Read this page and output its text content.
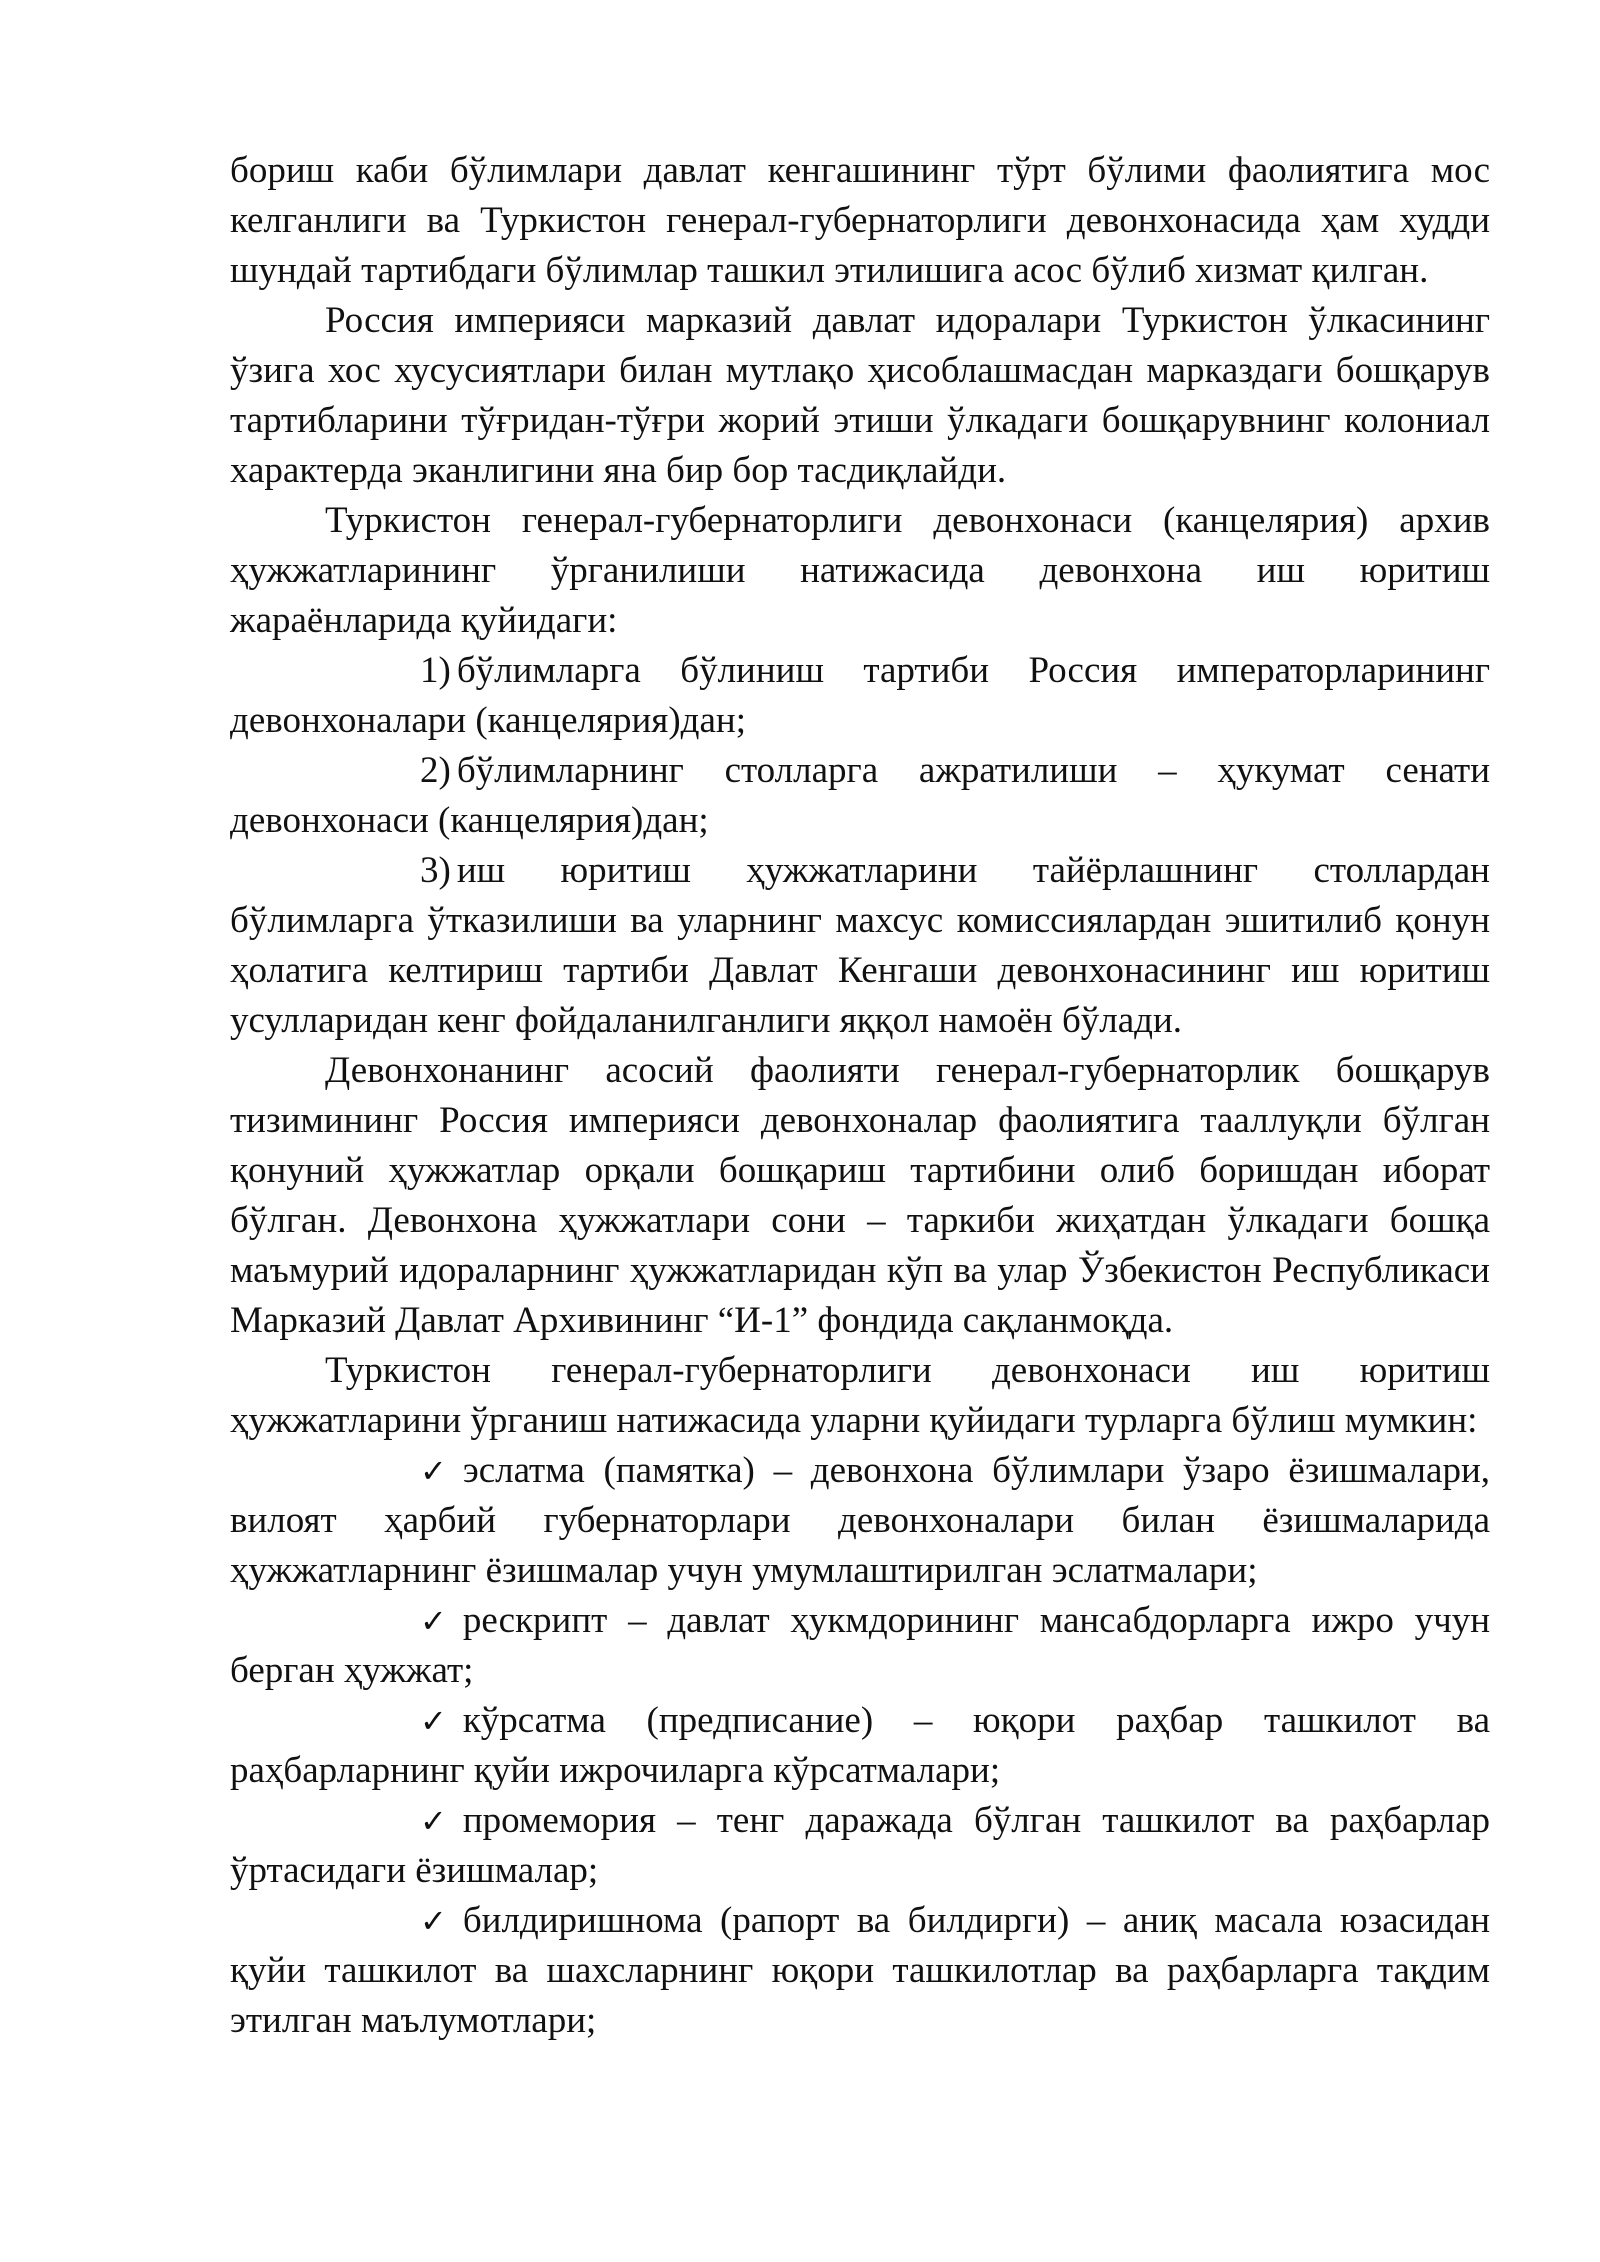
бориш каби бўлимлари давлат кенгашининг тўрт бўлими фаолиятига мос келганлиги ва Туркистон генерал-губернаторлиги девонхонасида ҳам худди шундай тартибдаги бўлимлар ташкил этилишига асос бўлиб хизмат қилган.

Россия империяси марказий давлат идоралари Туркистон ўлкасининг ўзига хос хусусиятлари билан мутлақо ҳисоблашмасдан марказдаги бошқарув тартибларини тўғридан-тўғри жорий этиши ўлкадаги бошқарувнинг колониал характерда эканлигини яна бир бор тасдиқлайди.

Туркистон генерал-губернаторлиги девонхонаси (канцелярия) архив ҳужжатларининг ўрганилиши натижасида девонхона иш юритиш жараёнларида қуйидаги:

1) бўлимларга бўлиниш тартиби Россия императорларининг девонхоналари (канцелярия)дан;

2) бўлимларнинг столларга ажратилиши – ҳукумат сенати девонхонаси (канцелярия)дан;

3) иш юритиш ҳужжатларини тайёрлашнинг столлардан бўлимларга ўтказилиши ва уларнинг махсус комиссиялардан эшитилиб қонун ҳолатига келтириш тартиби Давлат Кенгаши девонхонасининг иш юритиш усулларидан кенг фойдаланилганлиги яққол намоён бўлади.

Девонхонанинг асосий фаолияти генерал-губернаторлик бошқарув тизимининг Россия империяси девонхоналар фаолиятига тааллуқли бўлган қонуний ҳужжатлар орқали бошқариш тартибини олиб боришдан иборат бўлган. Девонхона ҳужжатлари сони – таркиби жиҳатдан ўлкадаги бошқа маъмурий идораларнинг ҳужжатларидан кўп ва улар Ўзбекистон Республикаси Марказий Давлат Архивининг “И-1” фондида сақланмоқда.

Туркистон генерал-губернаторлиги девонхонаси иш юритиш ҳужжатларини ўрганиш натижасида уларни қуйидаги турларга бўлиш мумкин:

✓ эслатма (памятка) – девонхона бўлимлари ўзаро ёзишмалари, вилоят ҳарбий губернаторлари девонхоналари билан ёзишмаларида ҳужжатларнинг ёзишмалар учун умумлаштирилган эслатмалари;

✓ рескрипт – давлат ҳукмдорининг мансабдорларга ижро учун берган ҳужжат;

✓ кўрсатма (предписание) – юқори раҳбар ташкилот ва раҳбарларнинг қуйи ижрочиларга кўрсатмалари;

✓ промемория – тенг даражада бўлган ташкилот ва раҳбарлар ўртасидаги ёзишмалар;

✓ билдиришнома (рапорт ва билдирги) – аниқ масала юзасидан қуйи ташкилот ва шахсларнинг юқори ташкилотлар ва раҳбарларга тақдим этилган маълумотлари;
